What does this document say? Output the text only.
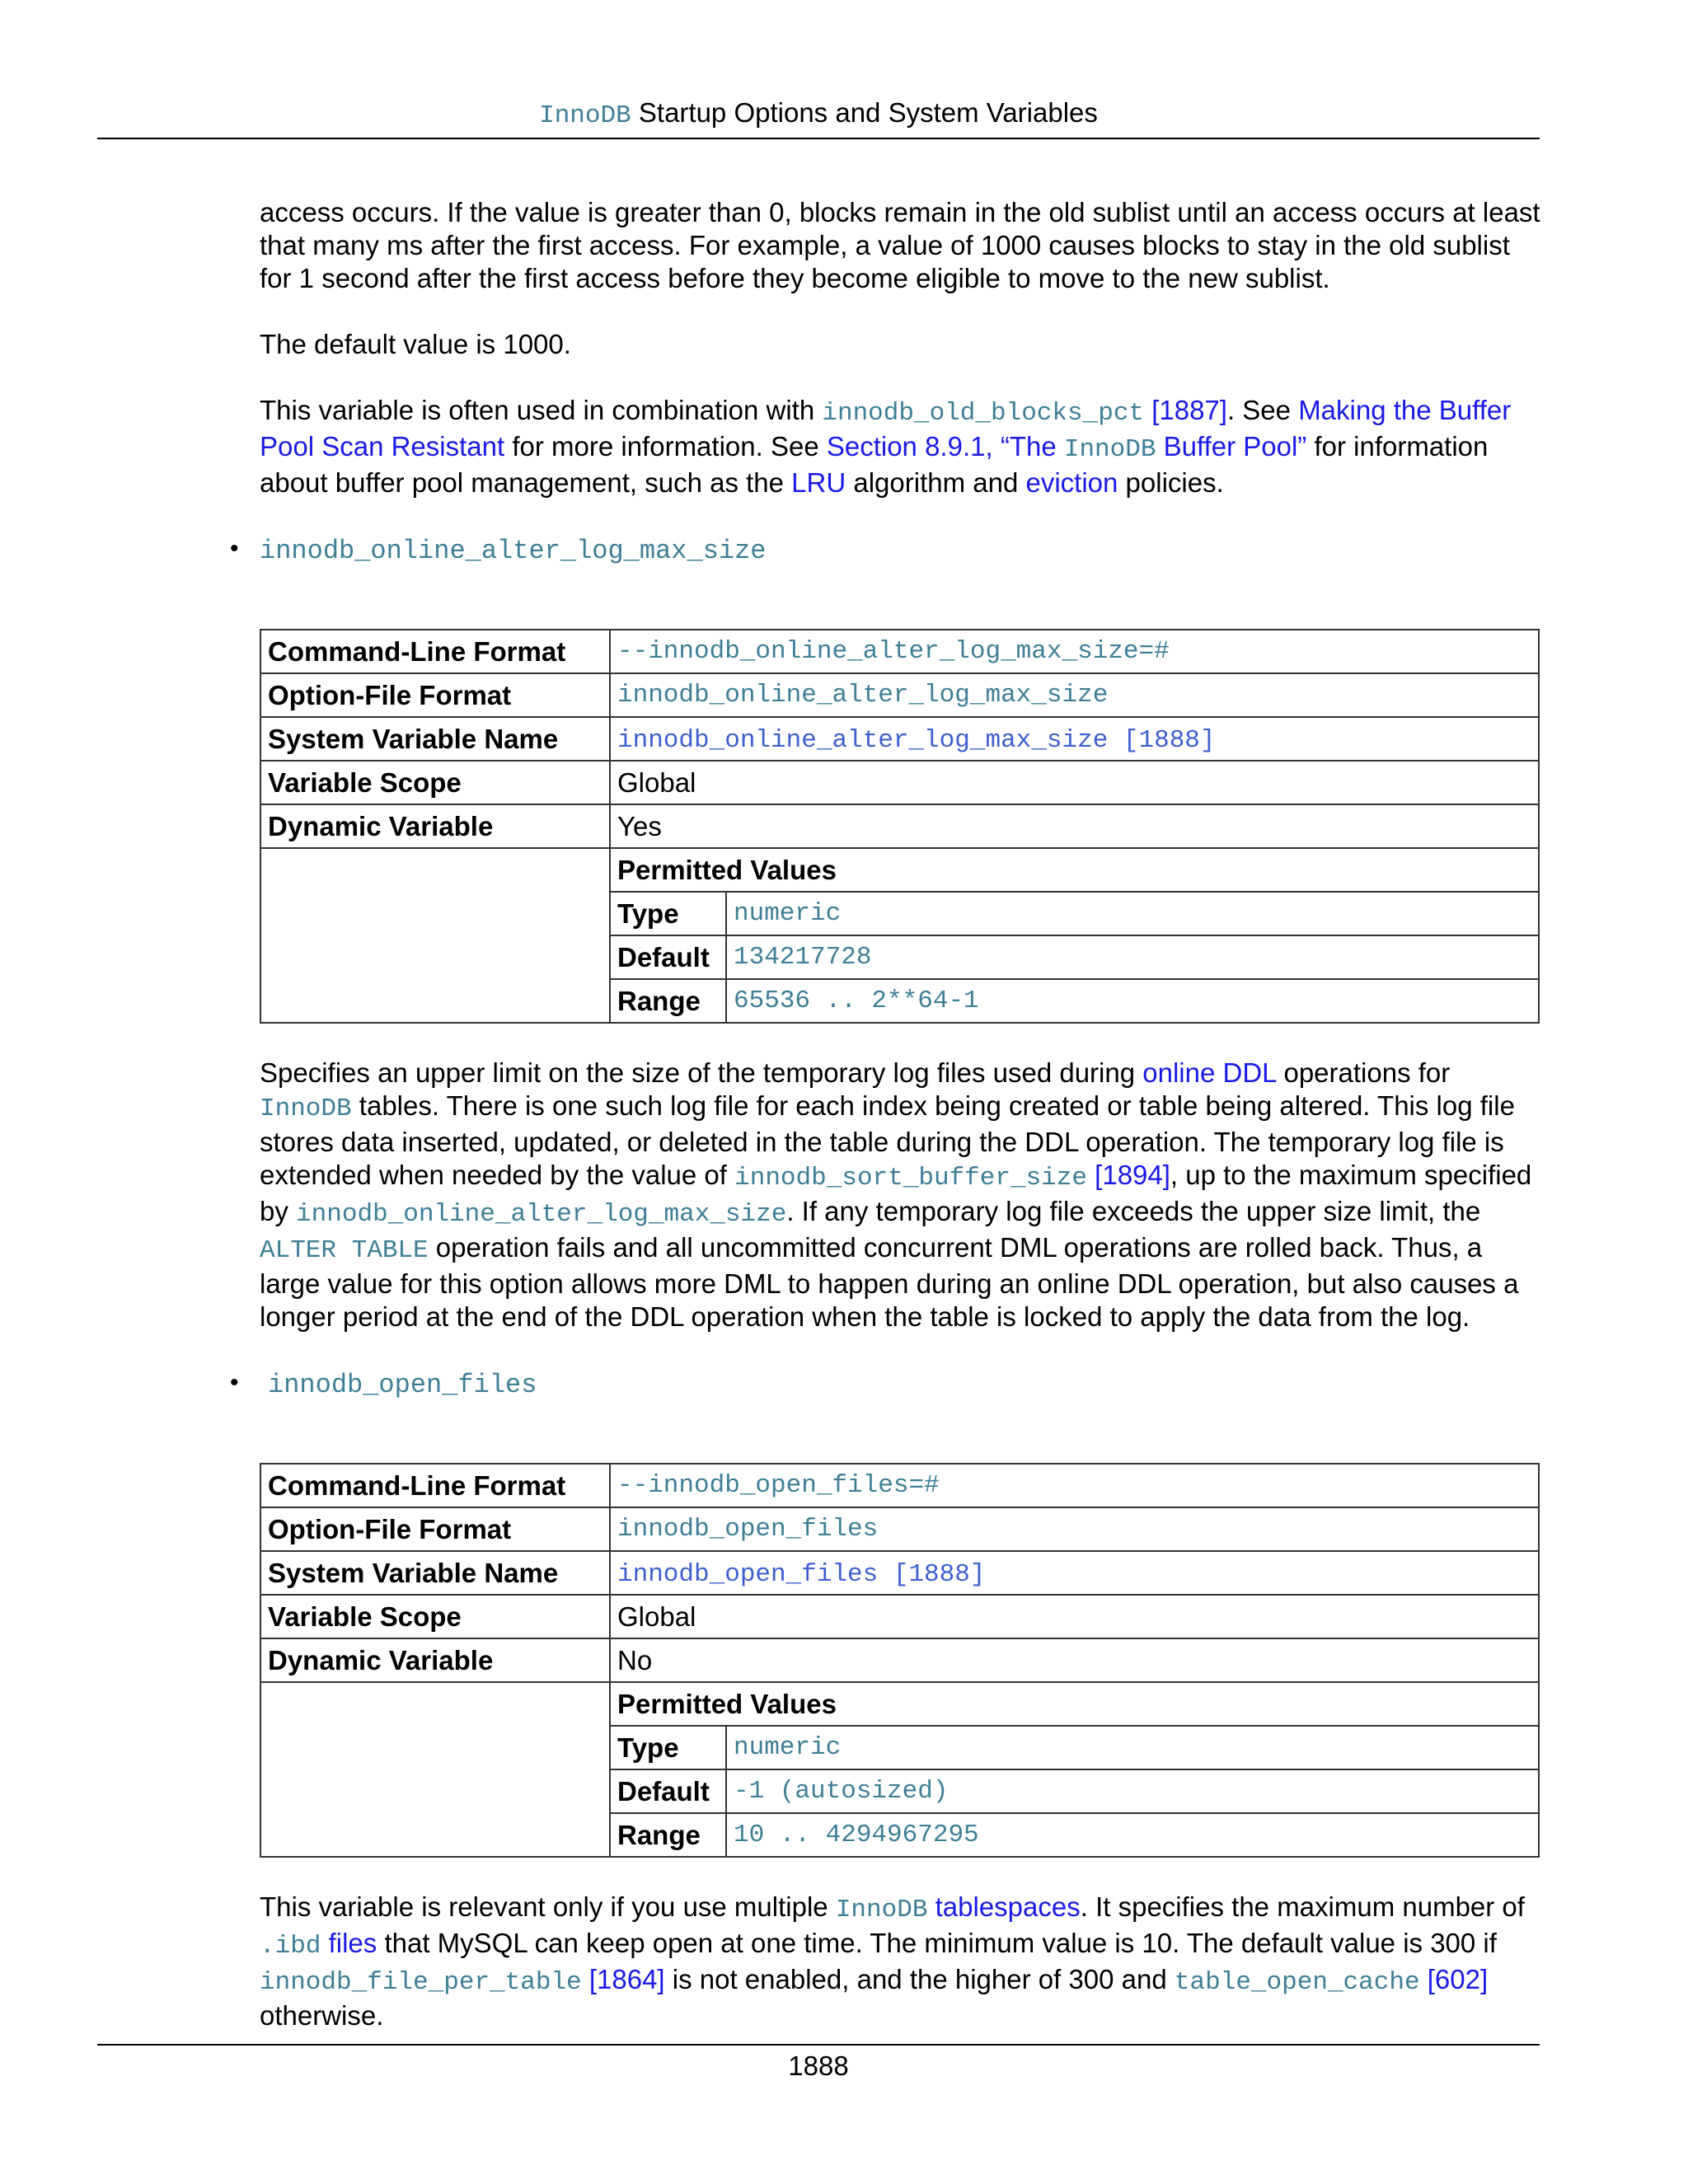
InnoDB Startup Options and System Variables

access occurs. If the value is greater than 0, blocks remain in the old sublist until an access occurs at least that many ms after the first access. For example, a value of 1000 causes blocks to stay in the old sublist for 1 second after the first access before they become eligible to move to the new sublist.

The default value is 1000.

This variable is often used in combination with innodb_old_blocks_pct [1887]. See Making the Buffer Pool Scan Resistant for more information. See Section 8.9.1, “The InnoDB Buffer Pool” for information about buffer pool management, such as the LRU algorithm and eviction policies.

• innodb_online_alter_log_max_size
Command-Line Format	--innodb_online_alter_log_max_size=#
Option-File Format	innodb_online_alter_log_max_size
System Variable Name	innodb_online_alter_log_max_size [1888]
Variable Scope	Global
Dynamic Variable	Yes

Permitted Values
Type	numeric
Default	134217728
Range	65536 .. 2**64-1

Specifies an upper limit on the size of the temporary log files used during online DDL operations for InnoDB tables. There is one such log file for each index being created or table being altered. This log file stores data inserted, updated, or deleted in the table during the DDL operation. The temporary log file is extended when needed by the value of innodb_sort_buffer_size [1894], up to the maximum specified by innodb_online_alter_log_max_size. If any temporary log file exceeds the upper size limit, the ALTER TABLE operation fails and all uncommitted concurrent DML operations are rolled back. Thus, a large value for this option allows more DML to happen during an online DDL operation, but also causes a longer period at the end of the DDL operation when the table is locked to apply the data from the log.

• innodb_open_files
Command-Line Format	--innodb_open_files=#
Option-File Format	innodb_open_files
System Variable Name	innodb_open_files [1888]
Variable Scope	Global
Dynamic Variable	No

Permitted Values
Type	numeric
Default	-1 (autosized)
Range	10 .. 4294967295

This variable is relevant only if you use multiple InnoDB tablespaces. It specifies the maximum number of .ibd files that MySQL can keep open at one time. The minimum value is 10. The default value is 300 if innodb_file_per_table [1864] is not enabled, and the higher of 300 and table_open_cache [602] otherwise.

1888
